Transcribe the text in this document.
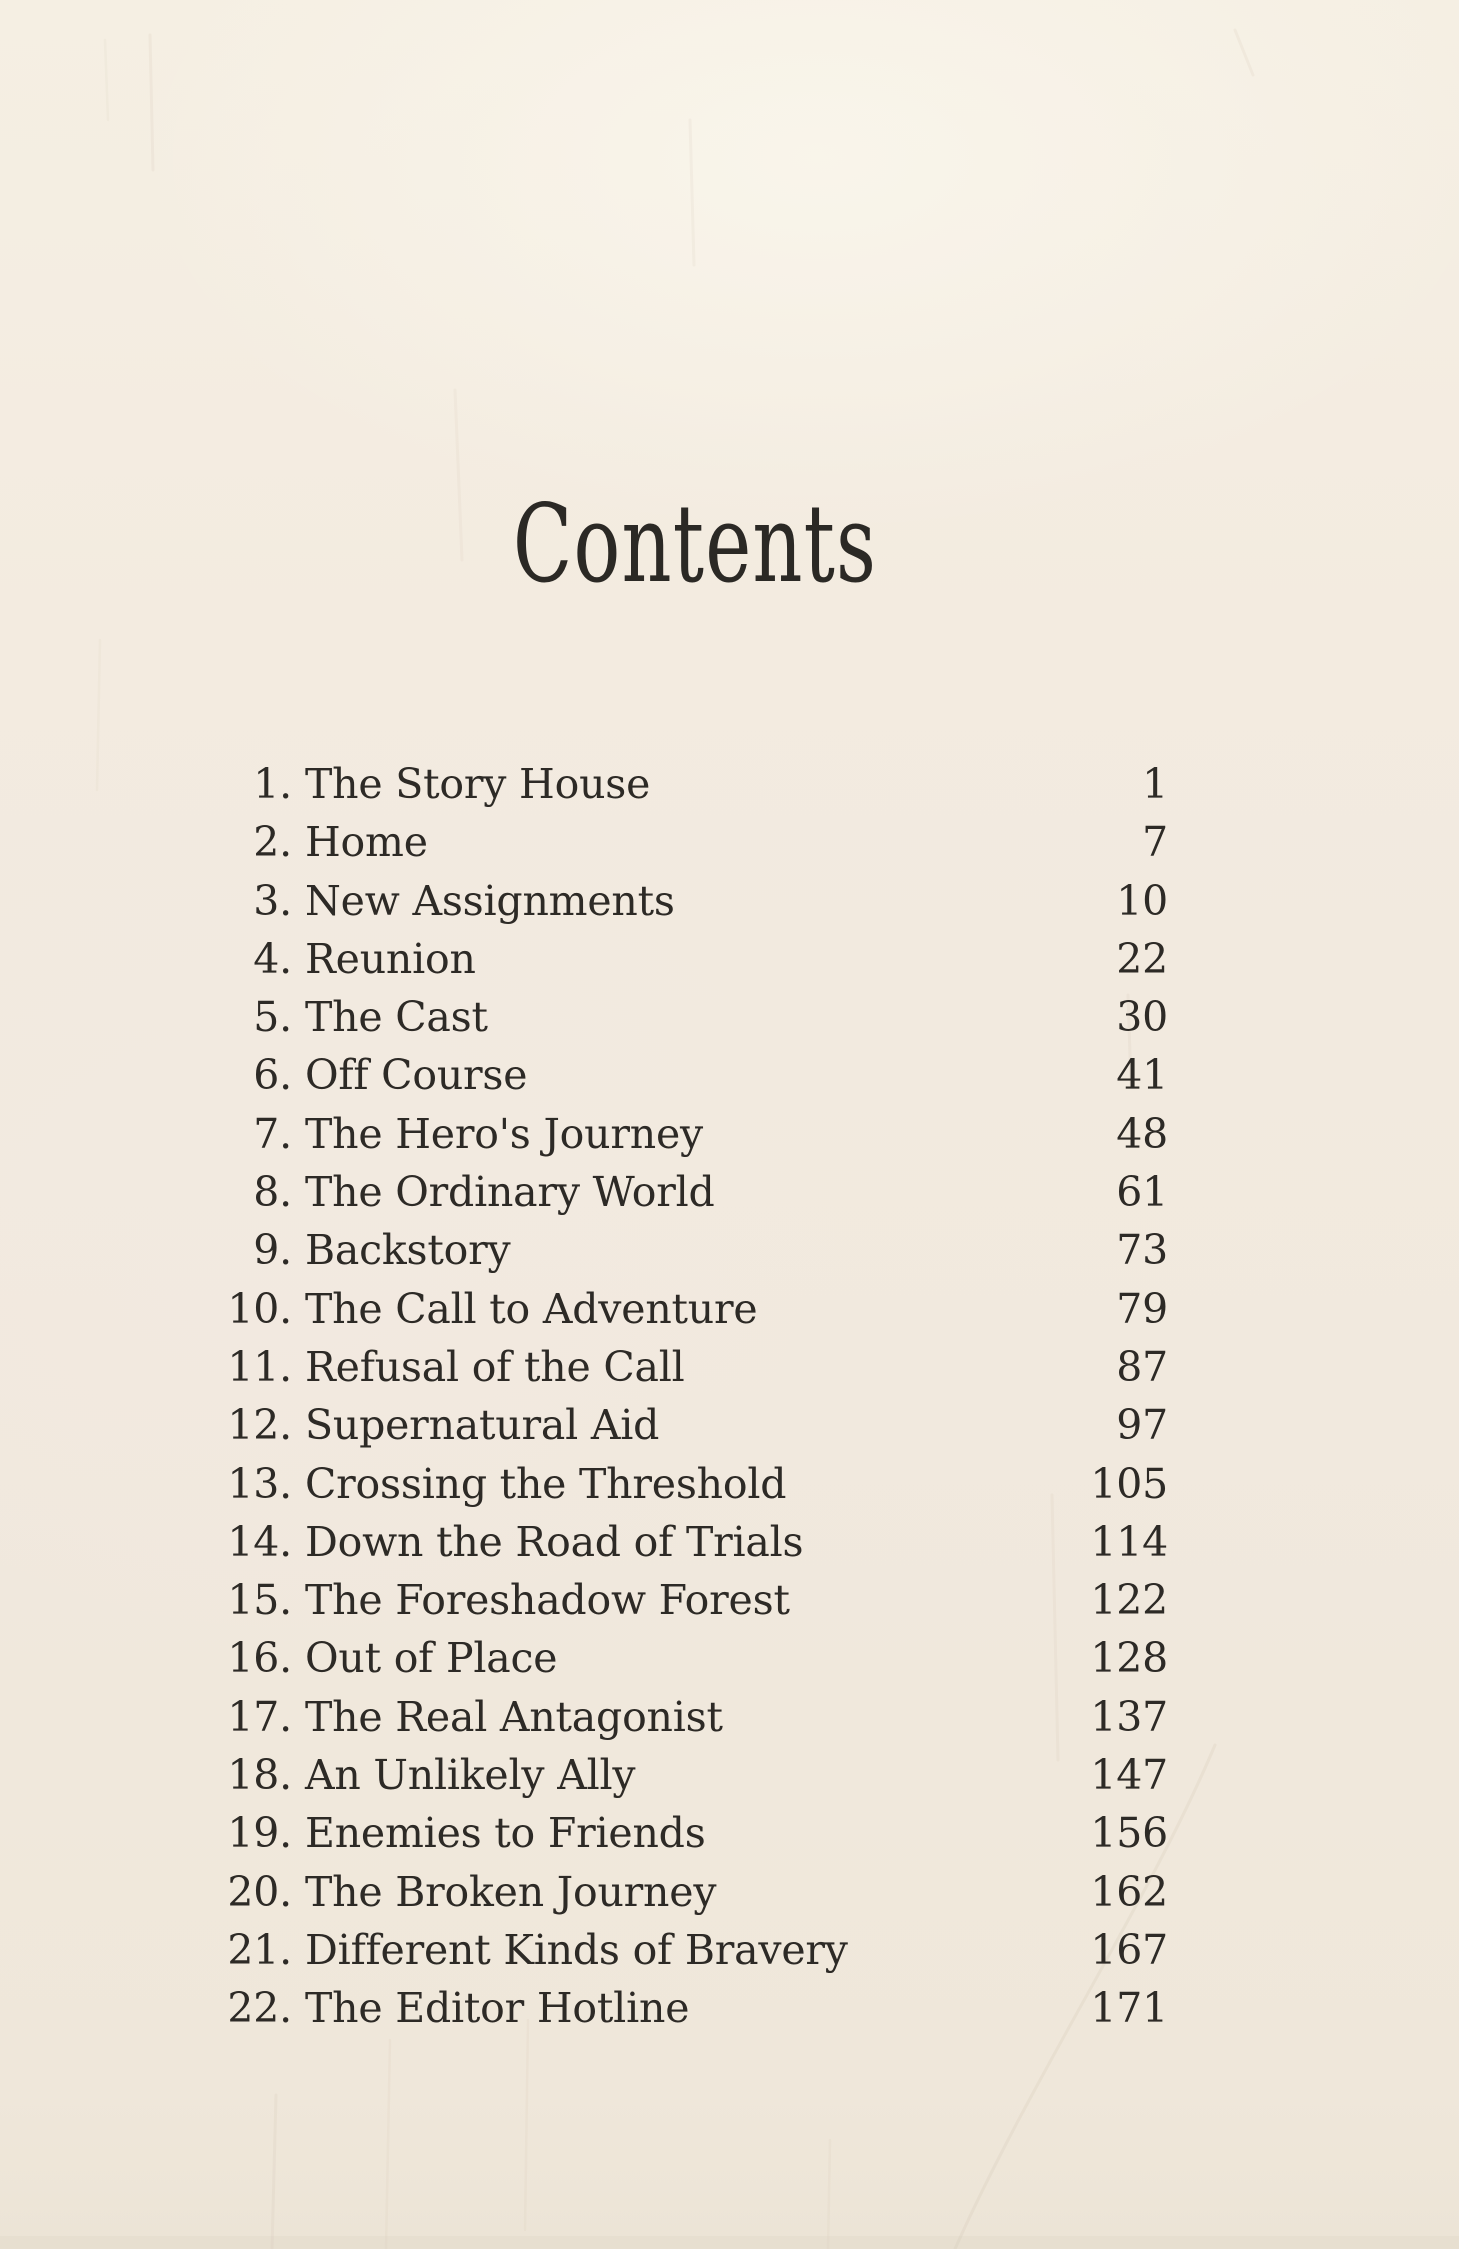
Contents
1. The Story House	1
2. Home	7
3. New Assignments	10
4. Reunion	22
5. The Cast	30
6. Off Course	41
7. The Hero's Journey	48
8. The Ordinary World	61
9. Backstory	73
10. The Call to Adventure	79
11. Refusal of the Call	87
12. Supernatural Aid	97
13. Crossing the Threshold	105
14. Down the Road of Trials	114
15. The Foreshadow Forest	122
16. Out of Place	128
17. The Real Antagonist	137
18. An Unlikely Ally	147
19. Enemies to Friends	156
20. The Broken Journey	162
21. Different Kinds of Bravery	167
22. The Editor Hotline	171
